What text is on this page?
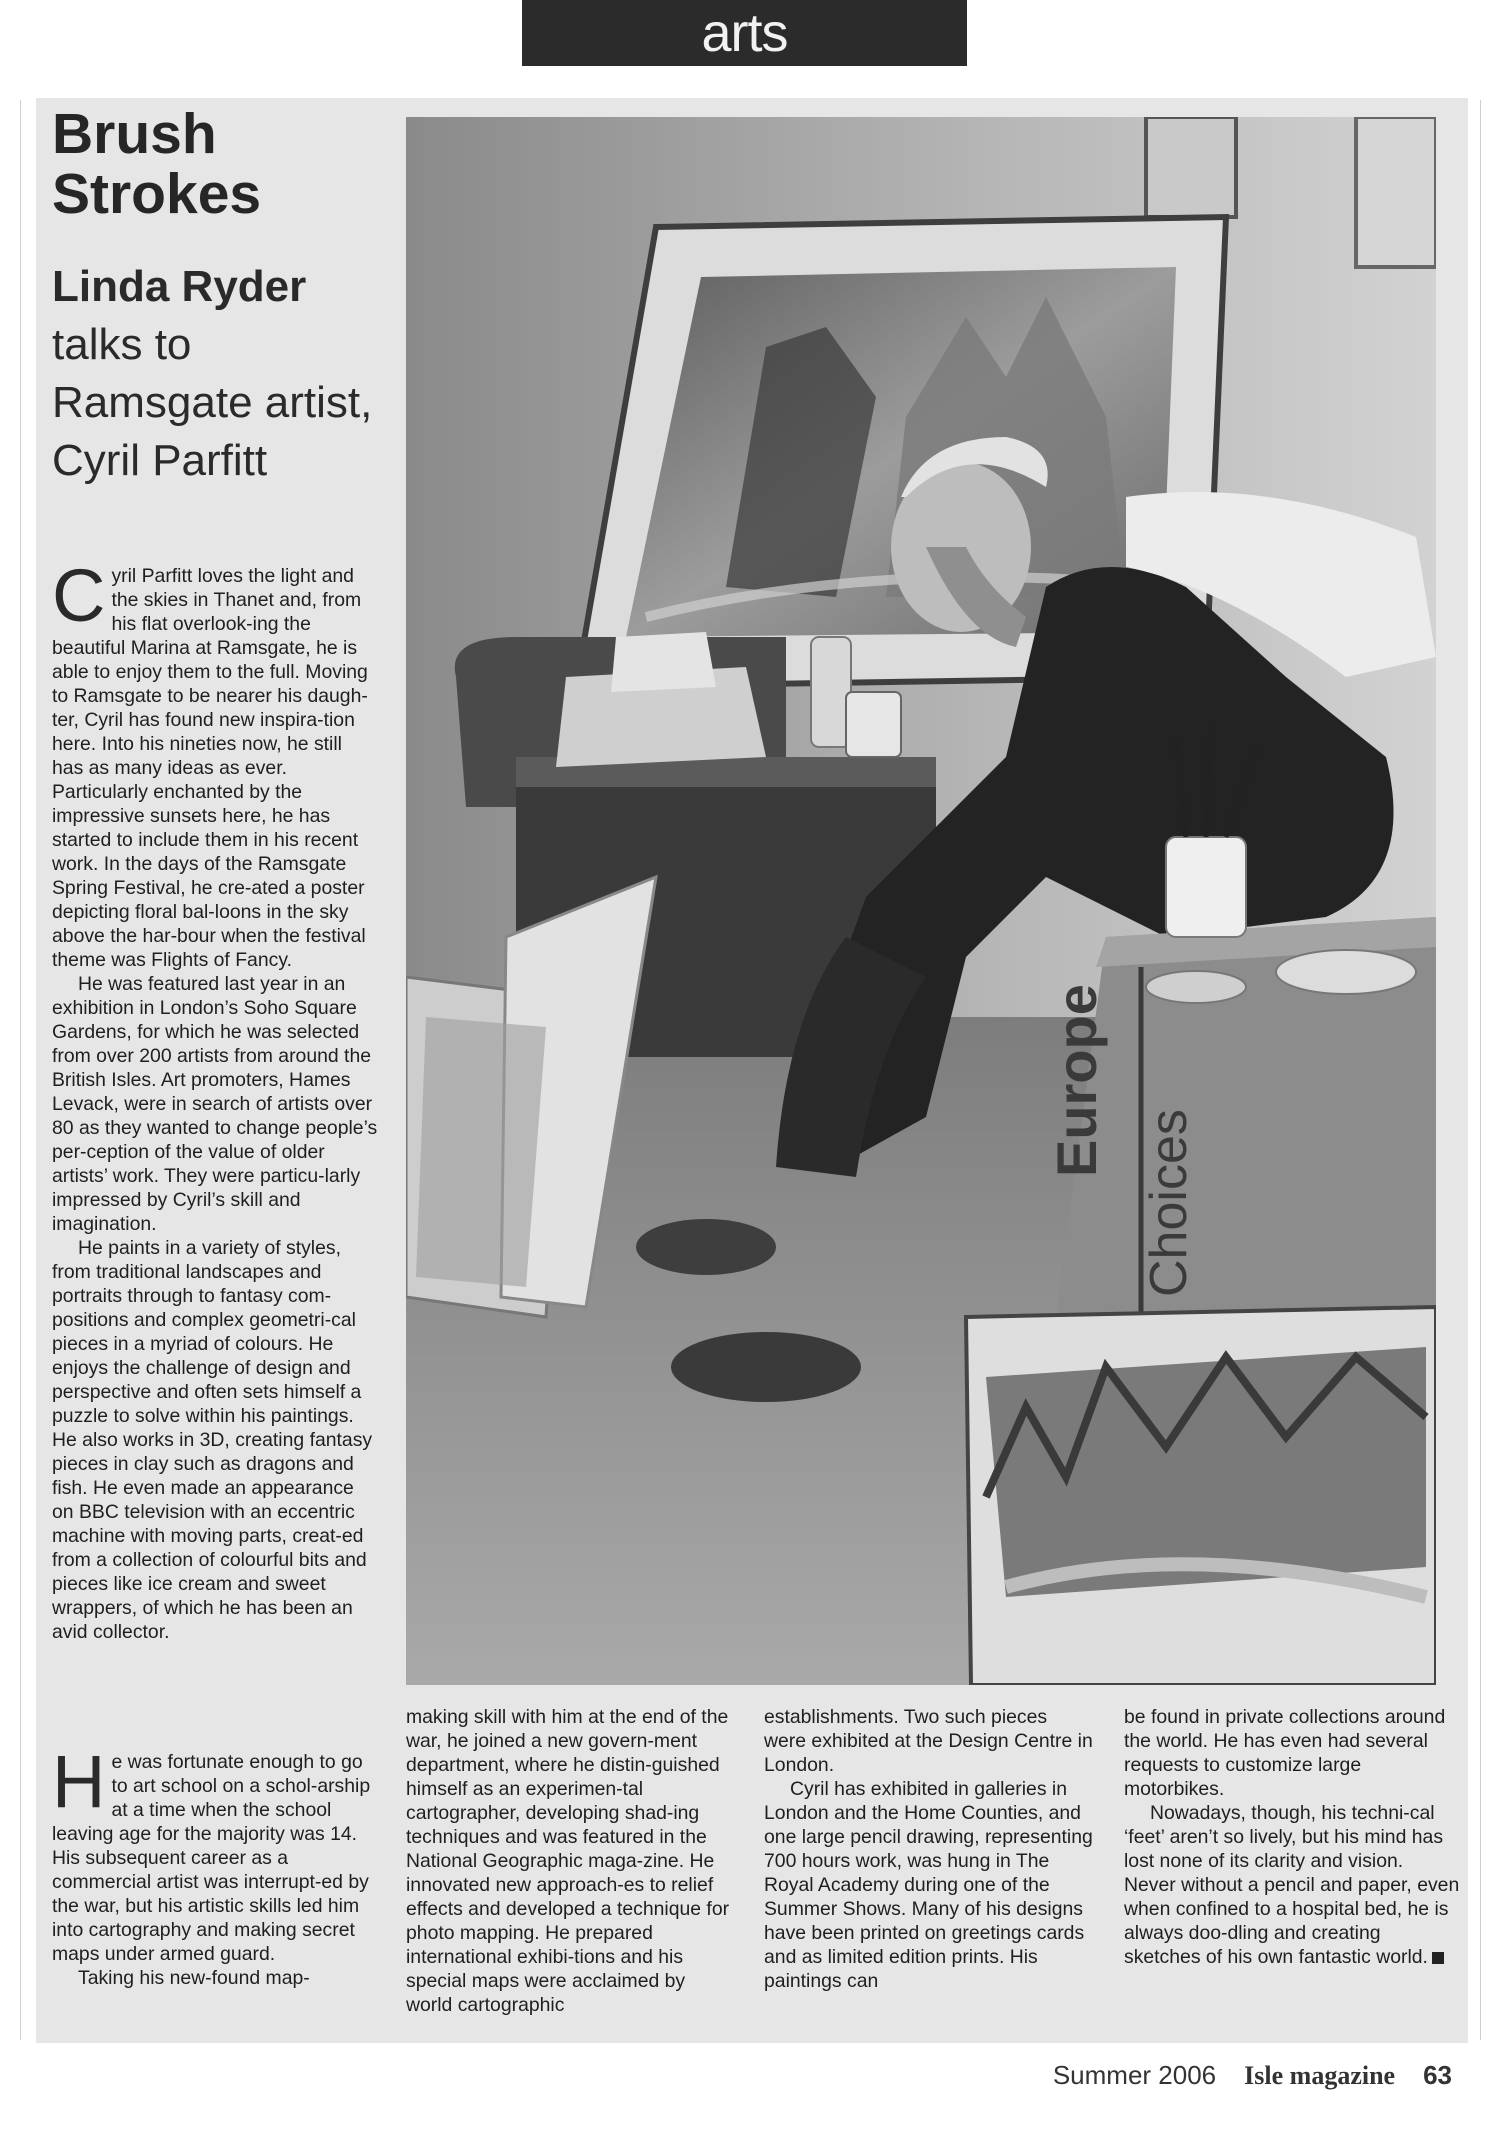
arts
Brush Strokes
Linda Ryder
talks to Ramsgate artist, Cyril Parfitt
Europe
Choices

Cyril Parfitt loves the light and the skies in Thanet and, from his flat overlook-ing the beautiful Marina at Ramsgate, he is able to enjoy them to the full. Moving to Ramsgate to be nearer his daugh-ter, Cyril has found new inspira-tion here. Into his nineties now, he still has as many ideas as ever. Particularly enchanted by the impressive sunsets here, he has started to include them in his recent work. In the days of the Ramsgate Spring Festival, he cre-ated a poster depicting floral bal-loons in the sky above the har-bour when the festival theme was Flights of Fancy.

He was featured last year in an exhibition in London’s Soho Square Gardens, for which he was selected from over 200 artists from around the British Isles. Art promoters, Hames Levack, were in search of artists over 80 as they wanted to change people’s per-ception of the value of older artists’ work. They were particu-larly impressed by Cyril’s skill and imagination.

He paints in a variety of styles, from traditional landscapes and portraits through to fantasy com-positions and complex geometri-cal pieces in a myriad of colours. He enjoys the challenge of design and perspective and often sets himself a puzzle to solve within his paintings. He also works in 3D, creating fantasy pieces in clay such as dragons and fish. He even made an appearance on BBC television with an eccentric machine with moving parts, creat-ed from a collection of colourful bits and pieces like ice cream and sweet wrappers, of which he has been an avid collector.

He was fortunate enough to go to art school on a schol-arship at a time when the school leaving age for the majority was 14. His subsequent career as a commercial artist was interrupt-ed by the war, but his artistic skills led him into cartography and making secret maps under armed guard.

Taking his new-found map-

making skill with him at the end of the war, he joined a new govern-ment department, where he distin-guished himself as an experimen-tal cartographer, developing shad-ing techniques and was featured in the National Geographic maga-zine. He innovated new approach-es to relief effects and developed a technique for photo mapping. He prepared international exhibi-tions and his special maps were acclaimed by world cartographic

establishments. Two such pieces were exhibited at the Design Centre in London.

Cyril has exhibited in galleries in London and the Home Counties, and one large pencil drawing, representing 700 hours work, was hung in The Royal Academy during one of the Summer Shows. Many of his designs have been printed on greetings cards and as limited edition prints. His paintings can

be found in private collections around the world. He has even had several requests to customize large motorbikes.

Nowadays, though, his techni-cal ‘feet’ aren’t so lively, but his mind has lost none of its clarity and vision. Never without a pencil and paper, even when confined to a hospital bed, he is always doo-dling and creating sketches of his own fantastic world.

Summer 2006 Isle magazine 63
